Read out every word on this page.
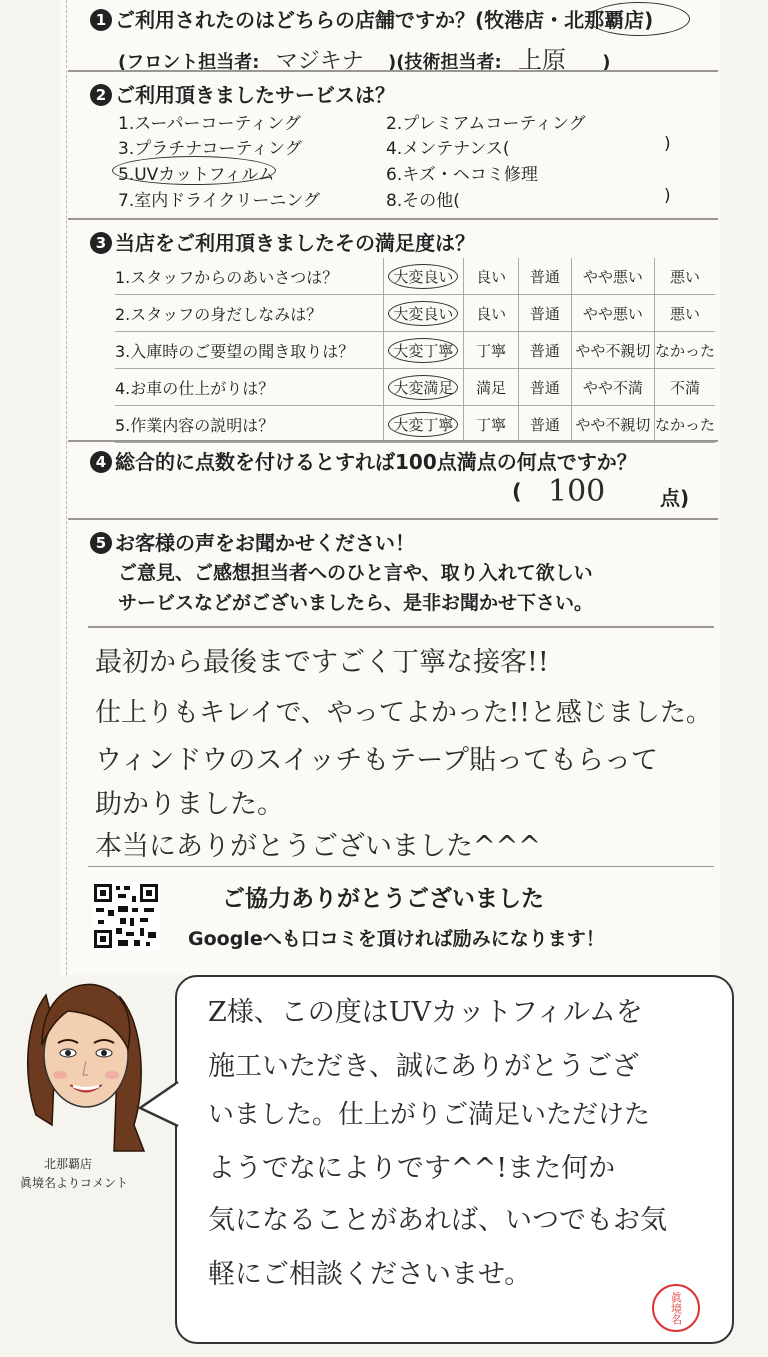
1 ご利用されたのはどちらの店舗ですか？(牧港店・北那覇店)
(フロント担当者: マジキナ )(技術担当者: 上原 )
2 ご利用頂きましたサービスは？
1.スーパーコーティング	2.プレミアムコーティング
3.プラチナコーティング	4.メンテナンス(	)
5.UVカットフィルム	6.キズ・ヘコミ修理
7.室内ドライクリーニング	8.その他(	)
3 当店をご利用頂きましたその満足度は？
1.スタッフからのあいさつは？	大変良い	良い	普通	やや悪い	悪い
2.スタッフの身だしなみは？	大変良い	良い	普通	やや悪い	悪い
3.入庫時のご要望の聞き取りは？	大変丁寧	丁寧	普通	やや不親切	なかった
4.お車の仕上がりは？	大変満足	満足	普通	やや不満	不満
5.作業内容の説明は？	大変丁寧	丁寧	普通	やや不親切	なかった
4 総合的に点数を付けるとすれば100点満点の何点ですか？
( 100	点)
5 お客様の声をお聞かせください！
ご意見、ご感想担当者へのひと言や、取り入れて欲しい
サービスなどがございましたら、是非お聞かせ下さい。
最初から最後まですごく丁寧な接客!!
仕上りもキレイで、やってよかった!!と感じました。
ウィンドウのスイッチもテープ貼ってもらって
助かりました。
本当にありがとうございました^^^
ご協力ありがとうございました
Googleへも口コミを頂ければ励みになります！
北那覇店
眞境名よりコメント
Z様、この度はUVカットフィルムを
施工いただき、誠にありがとうござ
いました。仕上がりご満足いただけた
ようでなによりです^^!また何か
気になることがあれば、いつでもお気
軽にご相談くださいませ。
眞境名
